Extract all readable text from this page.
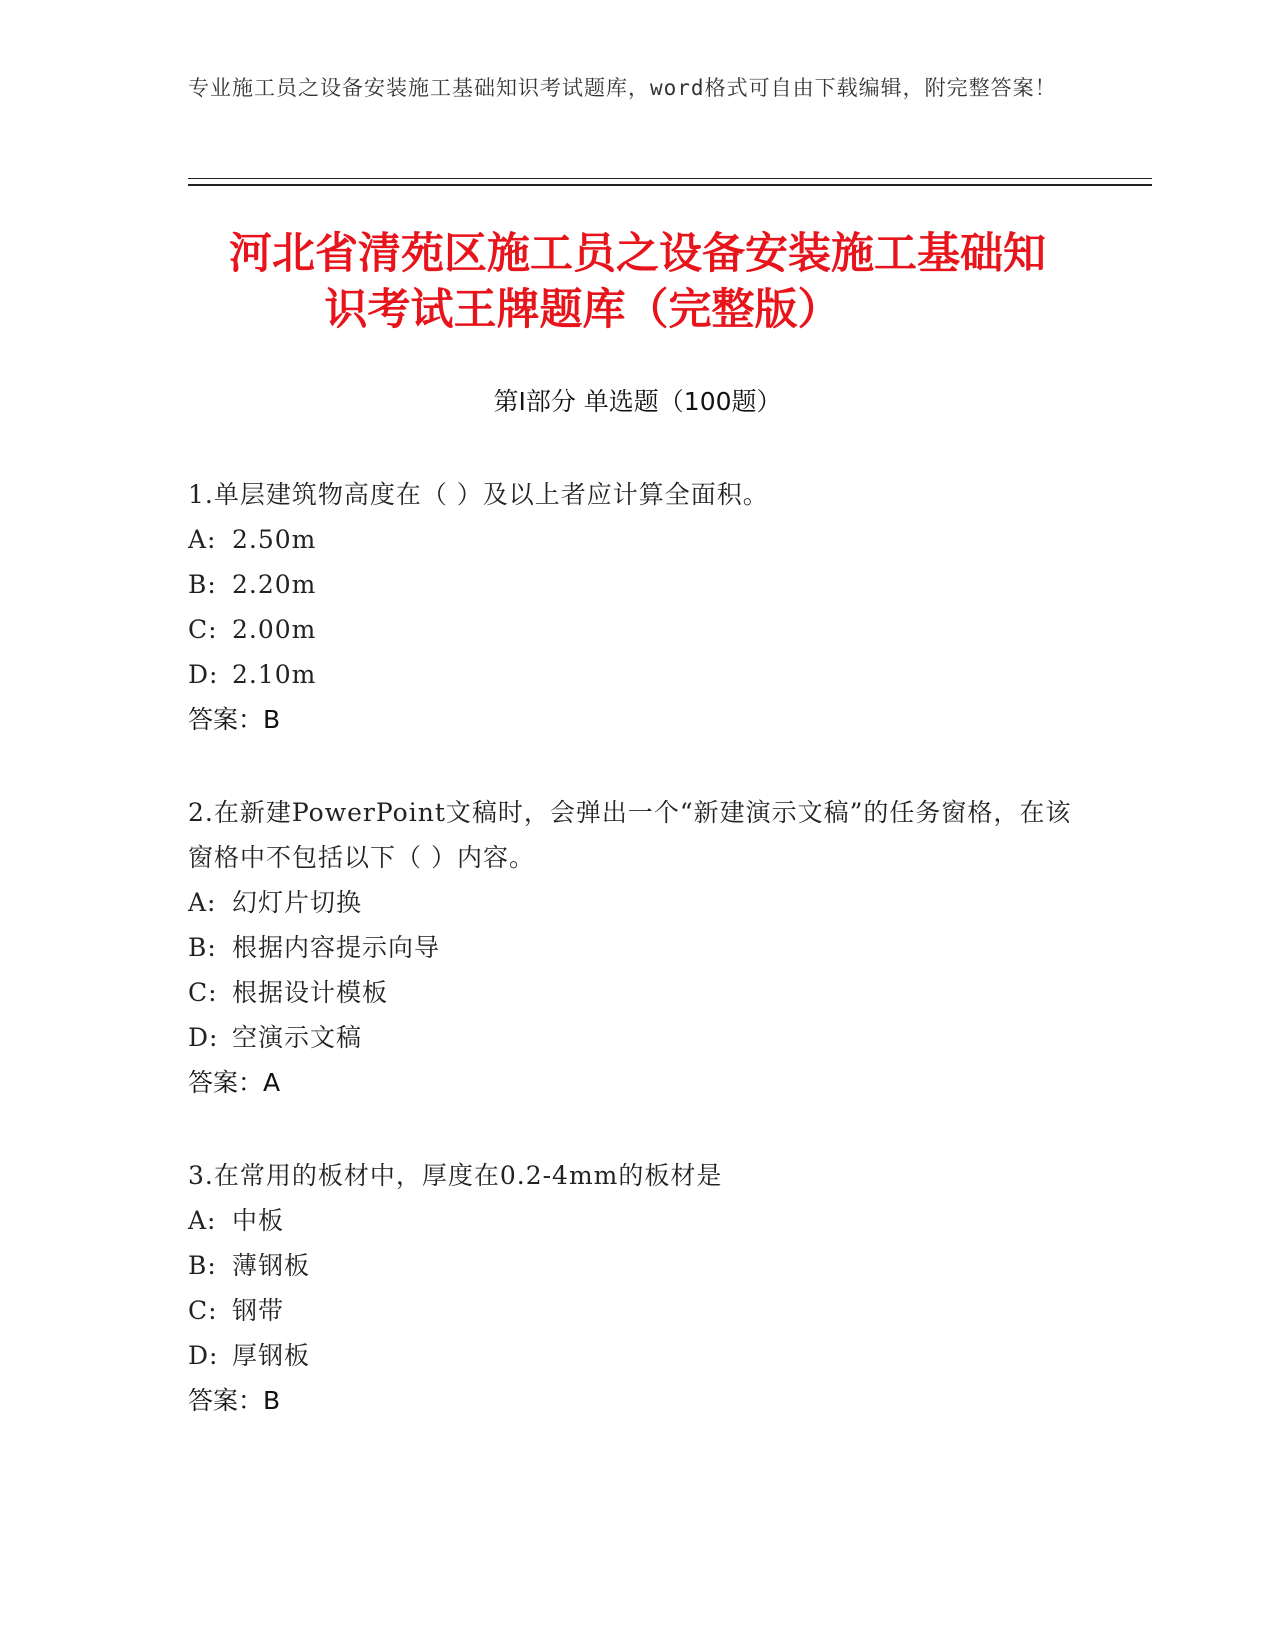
专业施工员之设备安装施工基础知识考试题库，word格式可自由下载编辑，附完整答案！
河北省清苑区施工员之设备安装施工基础知
识考试王牌题库（完整版）
第I部分 单选题（100题）

1.单层建筑物高度在（ ）及以上者应计算全面积。

A: 2.50m

B: 2.20m

C: 2.00m

D: 2.10m

答案：B

2.在新建PowerPoint文稿时，会弹出一个“新建演示文稿”的任务窗格，在该窗格中不包括以下（ ）内容。

A: 幻灯片切换

B: 根据内容提示向导

C: 根据设计模板

D: 空演示文稿

答案：A

3.在常用的板材中，厚度在0.2-4mm的板材是

A: 中板

B: 薄钢板

C: 钢带

D: 厚钢板

答案：B
